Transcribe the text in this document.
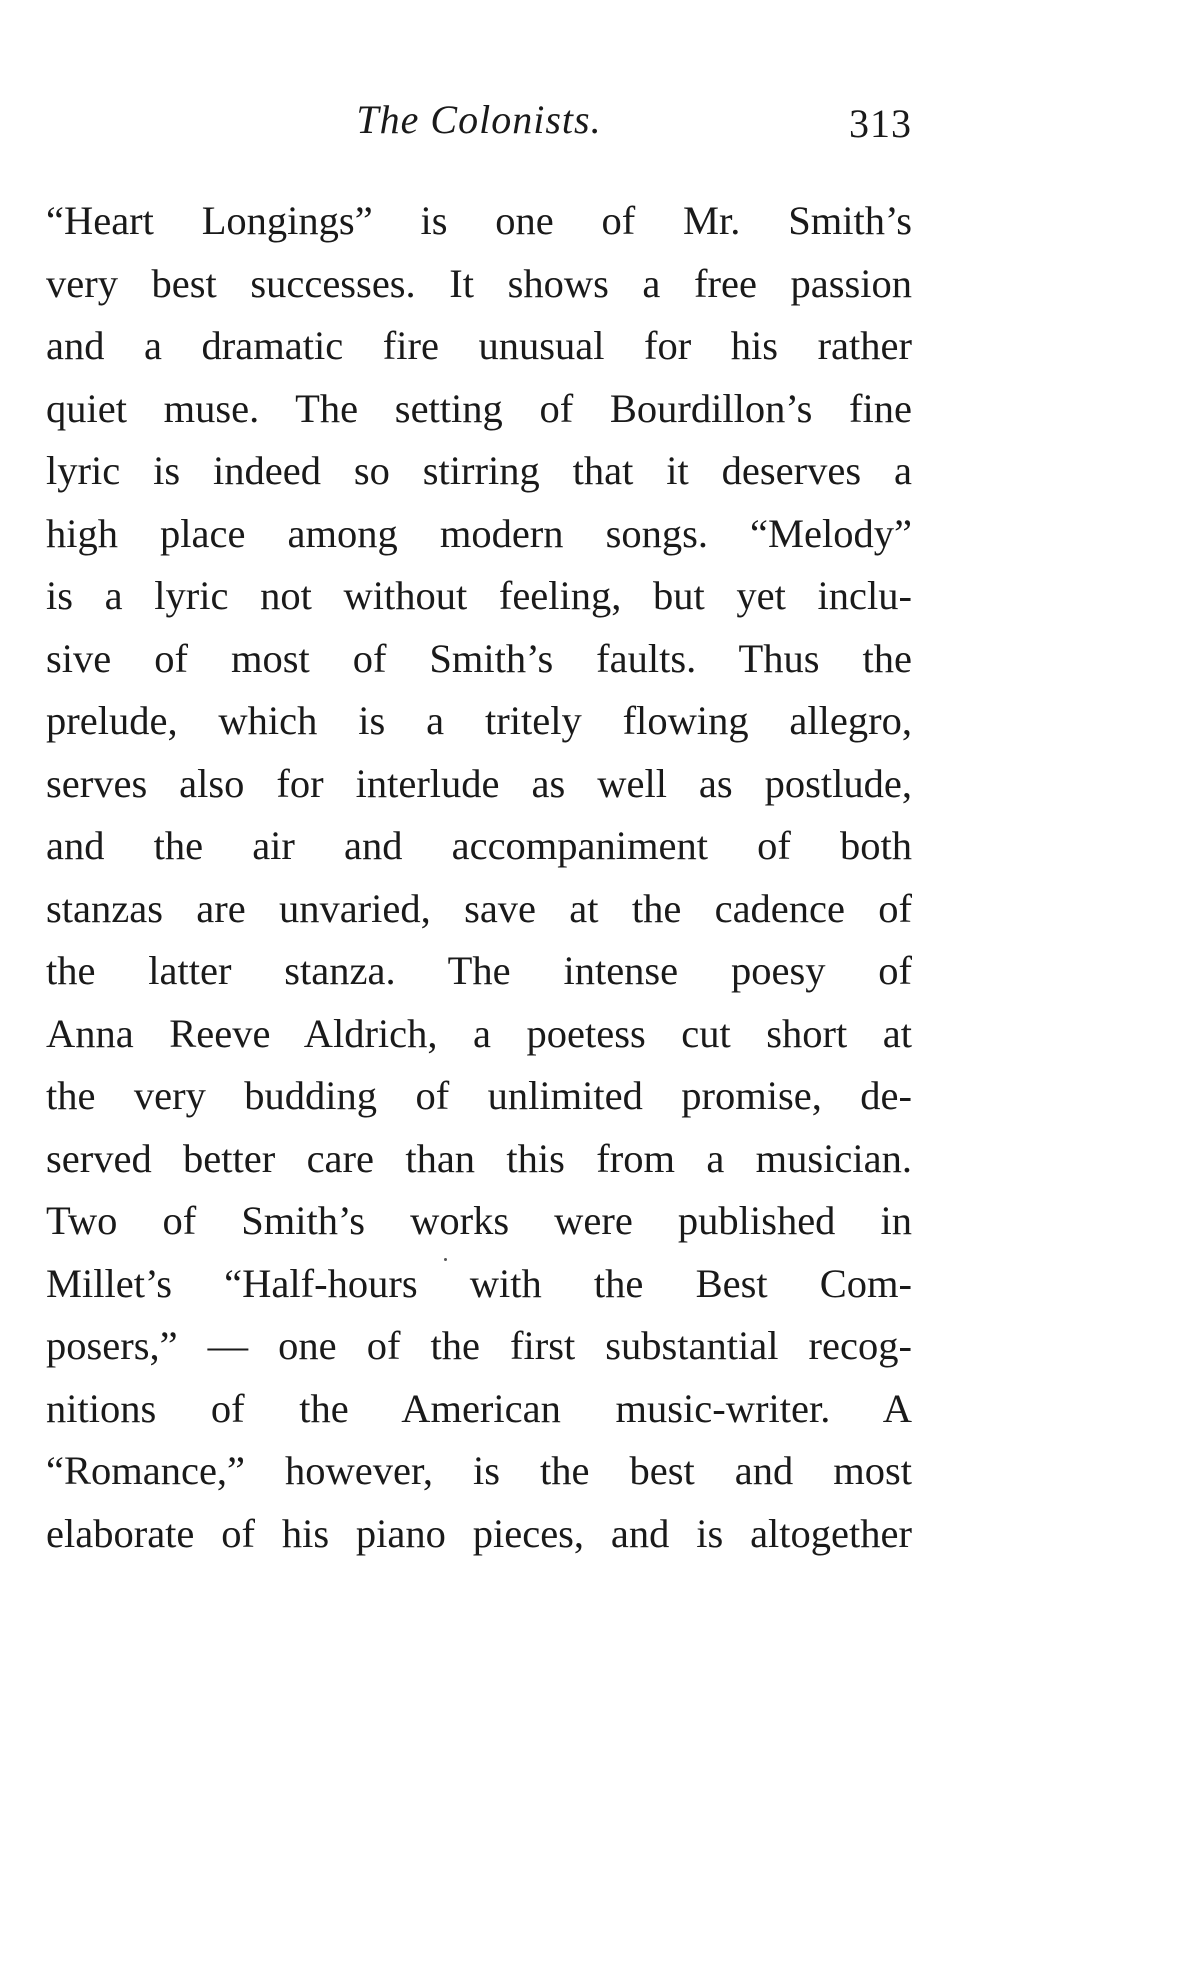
The Colonists.	313
“Heart Longings” is one of Mr. Smith’s
very best successes. It shows a free passion
and a dramatic fire unusual for his rather
quiet muse. The setting of Bourdillon’s fine
lyric is indeed so stirring that it deserves a
high place among modern songs. “Melody”
is a lyric not without feeling, but yet inclu-
sive of most of Smith’s faults. Thus the
prelude, which is a tritely flowing allegro,
serves also for interlude as well as postlude,
and the air and accompaniment of both
stanzas are unvaried, save at the cadence of
the latter stanza. The intense poesy of
Anna Reeve Aldrich, a poetess cut short at
the very budding of unlimited promise, de-
served better care than this from a musician.
Two of Smith’s works were published in
Millet’s “Half-hours with the Best Com-
posers,” — one of the first substantial recog-
nitions of the American music-writer. A
“Romance,” however, is the best and most
elaborate of his piano pieces, and is altogether
